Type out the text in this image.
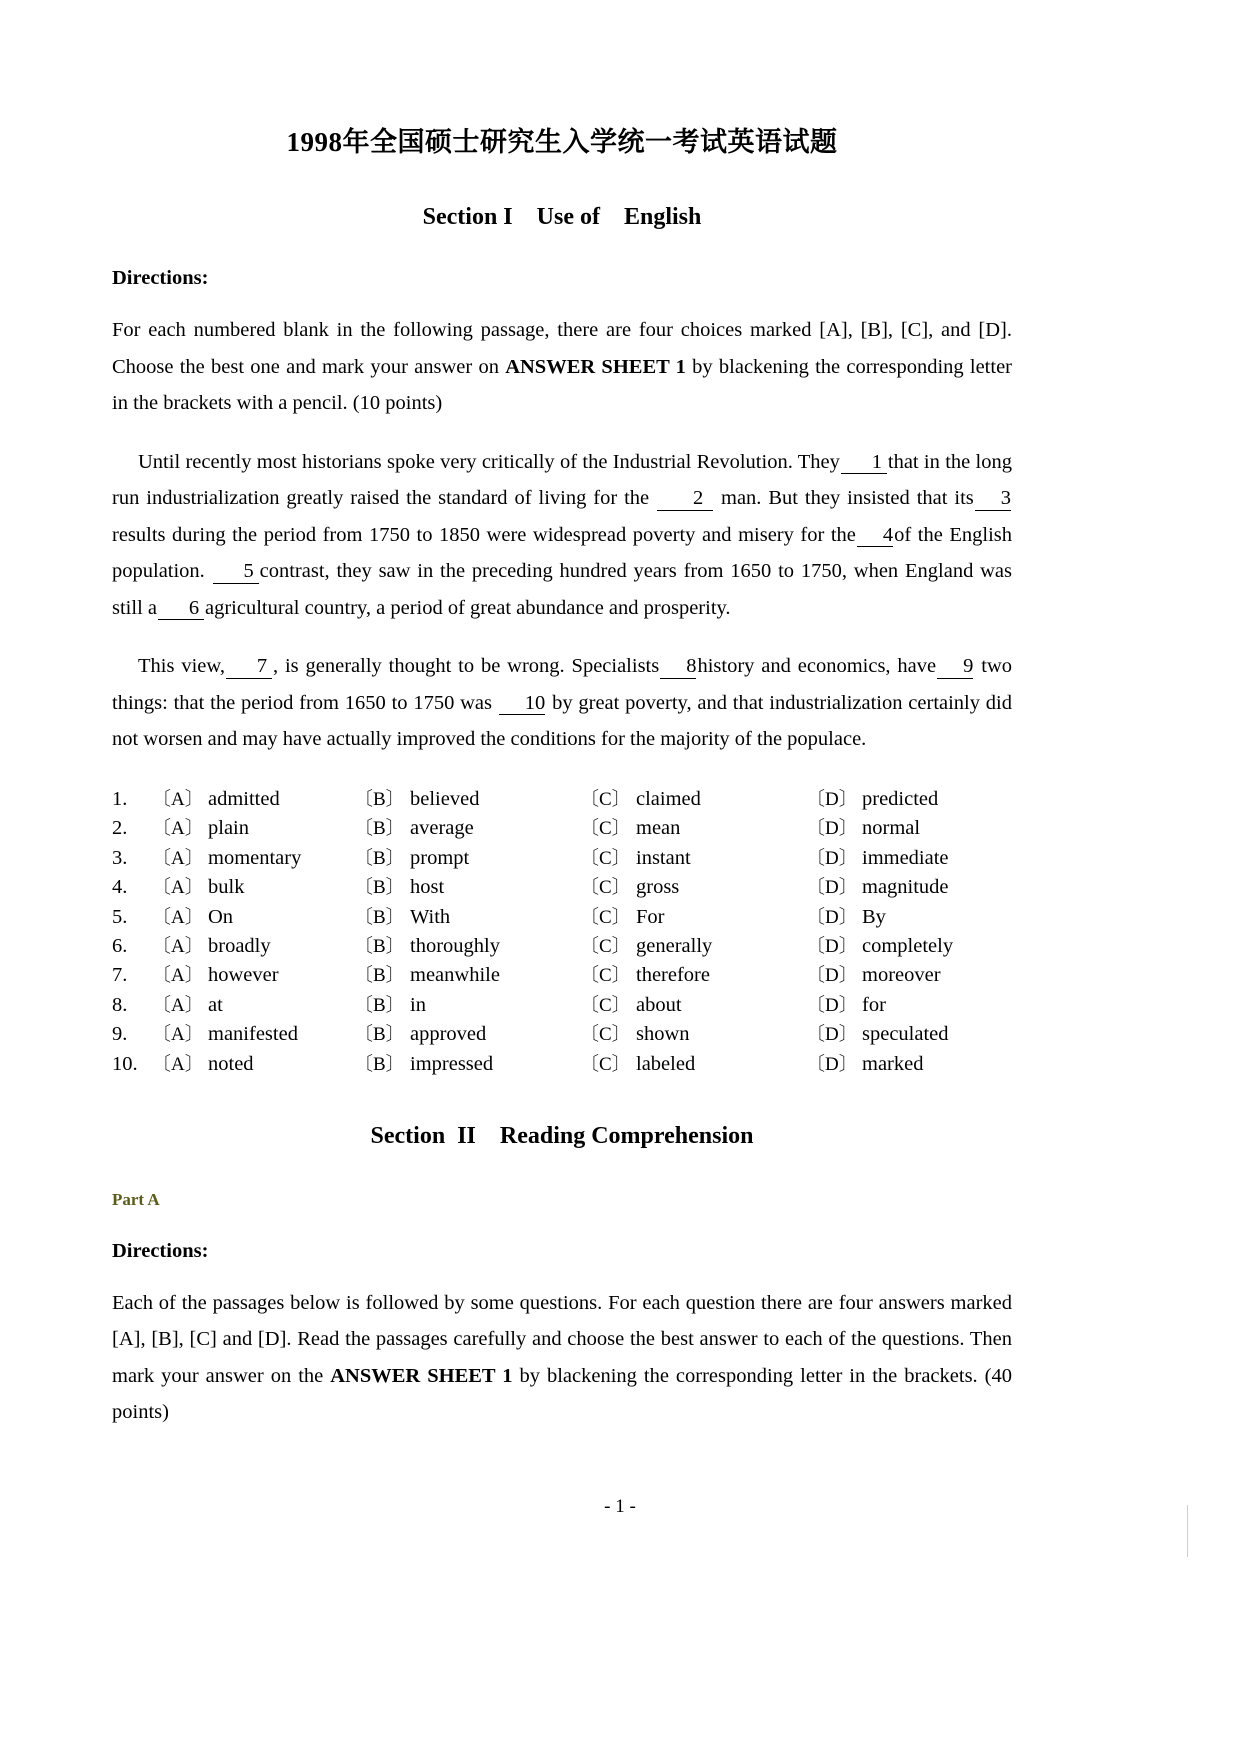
1998年全国硕士研究生入学统一考试英语试题
Section I    Use of    English
Directions:

For each numbered blank in the following passage, there are four choices marked [A], [B], [C], and [D]. Choose the best one and mark your answer on ANSWER SHEET 1 by blackening the corresponding letter in the brackets with a pencil. (10 points)

Until recently most historians spoke very critically of the Industrial Revolution. They 1 that in the long run industrialization greatly raised the standard of living for the 2 man. But they insisted that its 3 results during the period from 1750 to 1850 were widespread poverty and misery for the 4of the English population. 5 contrast, they saw in the preceding hundred years from 1650 to 1750, when England was still a 6 agricultural country, a period of great abundance and prosperity.

This view, 7 , is generally thought to be wrong. Specialists 8history and economics, have 9 two things: that the period from 1650 to 1750 was 10 by great poverty, and that industrialization certainly did not worsen and may have actually improved the conditions for the majority of the populace.

1.	〔A〕	admitted	〔B〕	believed	〔C〕	claimed	〔D〕	predicted
2.	〔A〕	plain	〔B〕	average	〔C〕	mean	〔D〕	normal
3.	〔A〕	momentary	〔B〕	prompt	〔C〕	instant	〔D〕	immediate
4.	〔A〕	bulk	〔B〕	host	〔C〕	gross	〔D〕	magnitude
5.	〔A〕	On	〔B〕	With	〔C〕	For	〔D〕	By
6.	〔A〕	broadly	〔B〕	thoroughly	〔C〕	generally	〔D〕	completely
7.	〔A〕	however	〔B〕	meanwhile	〔C〕	therefore	〔D〕	moreover
8.	〔A〕	at	〔B〕	in	〔C〕	about	〔D〕	for
9.	〔A〕	manifested	〔B〕	approved	〔C〕	shown	〔D〕	speculated
10.	〔A〕	noted	〔B〕	impressed	〔C〕	labeled	〔D〕	marked
Section  II    Reading Comprehension
Part A
Directions:

Each of the passages below is followed by some questions. For each question there are four answers marked [A], [B], [C] and [D]. Read the passages carefully and choose the best answer to each of the questions. Then mark your answer on the ANSWER SHEET 1 by blackening the corresponding letter in the brackets. (40 points)

- 1 -
